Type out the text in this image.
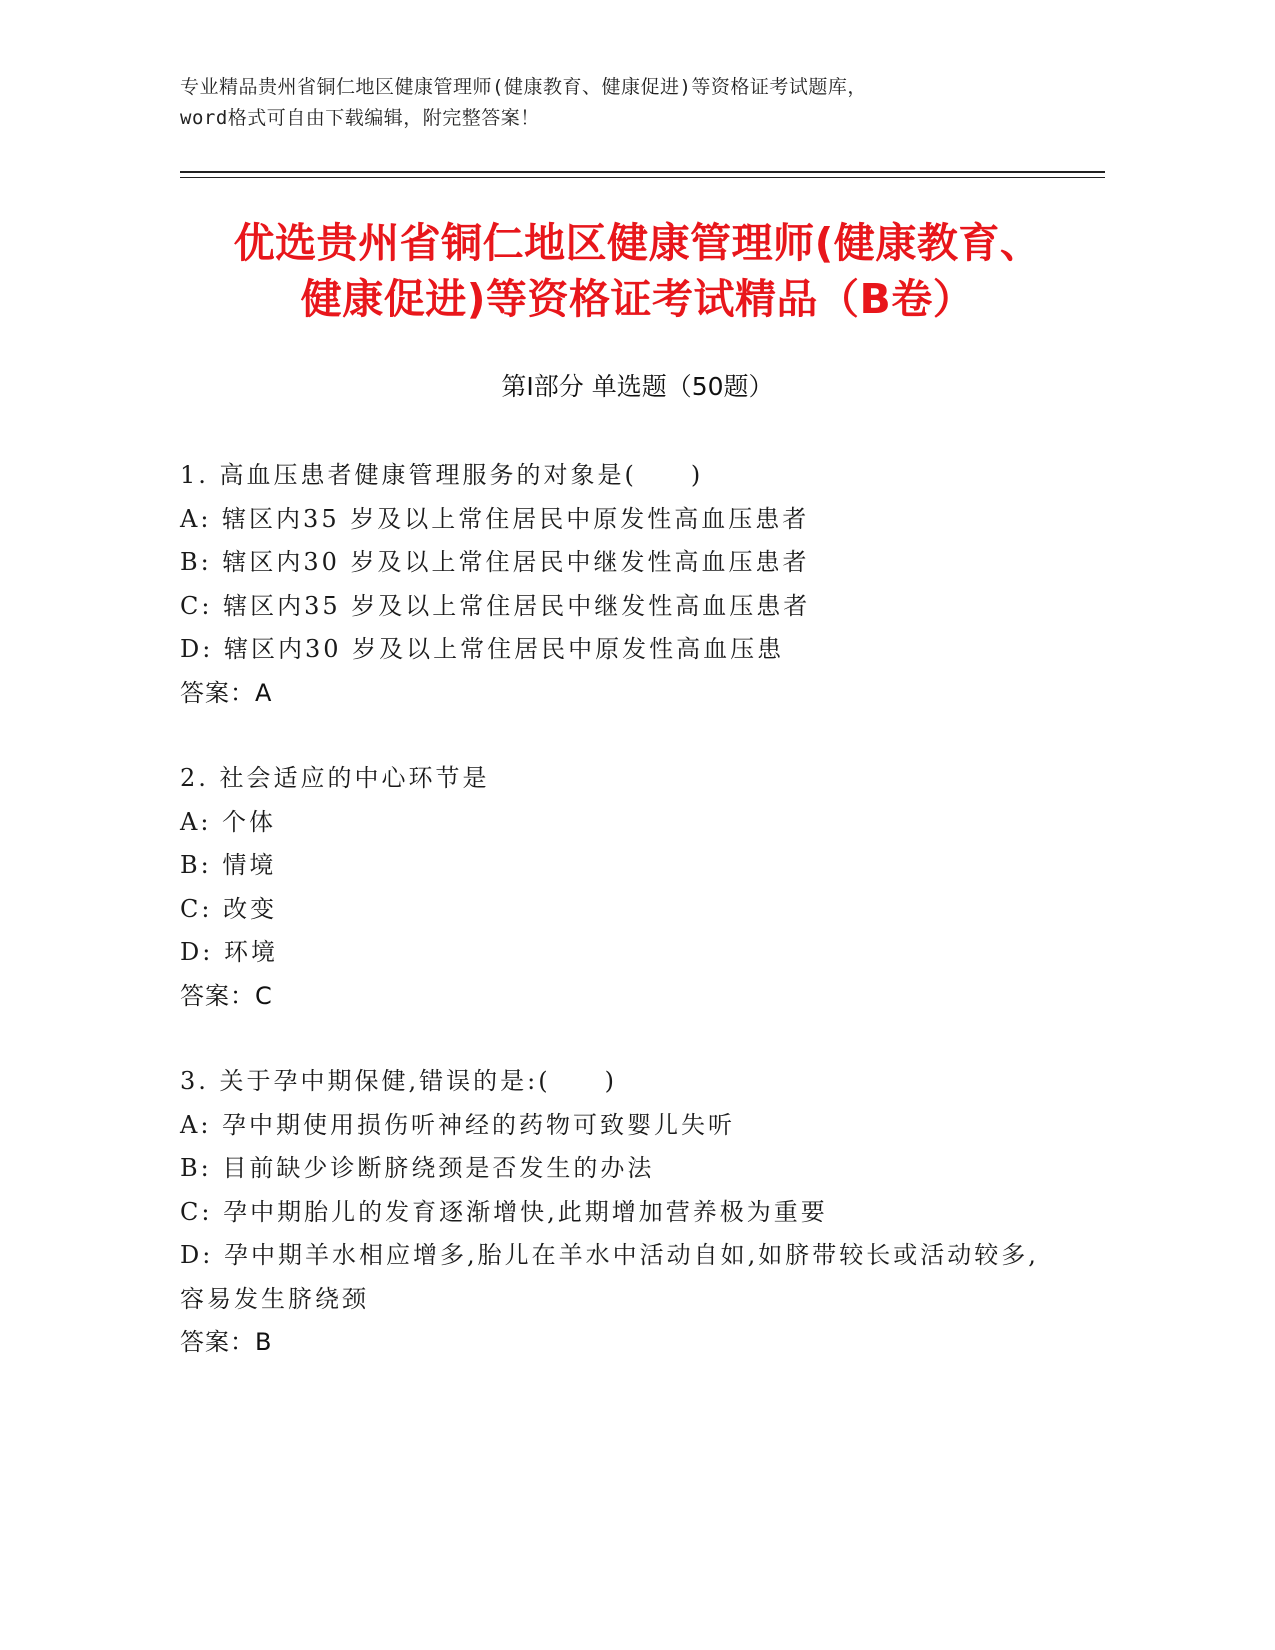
专业精品贵州省铜仁地区健康管理师(健康教育、健康促进)等资格证考试题库，
word格式可自由下载编辑，附完整答案！
优选贵州省铜仁地区健康管理师(健康教育、
健康促进)等资格证考试精品（B卷）
第Ⅰ部分 单选题（50题）
1. 高血压患者健康管理服务的对象是(　　)
A: 辖区内35 岁及以上常住居民中原发性高血压患者
B: 辖区内30 岁及以上常住居民中继发性高血压患者
C: 辖区内35 岁及以上常住居民中继发性高血压患者
D: 辖区内30 岁及以上常住居民中原发性高血压患
答案：A
2. 社会适应的中心环节是
A: 个体
B: 情境
C: 改变
D: 环境
答案：C
3. 关于孕中期保健,错误的是:(　　)
A: 孕中期使用损伤听神经的药物可致婴儿失听
B: 目前缺少诊断脐绕颈是否发生的办法
C: 孕中期胎儿的发育逐渐增快,此期增加营养极为重要
D: 孕中期羊水相应增多,胎儿在羊水中活动自如,如脐带较长或活动较多,容易发生脐绕颈
答案：B
